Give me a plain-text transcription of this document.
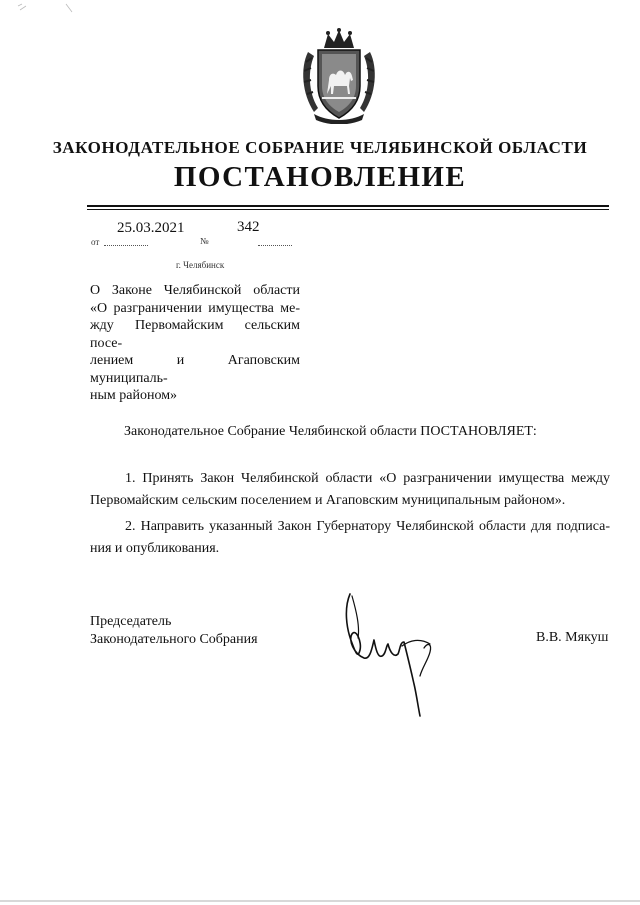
ЗАКОНОДАТЕЛЬНОЕ СОБРАНИЕ ЧЕЛЯБИНСКОЙ ОБЛАСТИ
ПОСТАНОВЛЕНИЕ
25.03.2021	342
от	№
г. Челябинск
О Законе Челябинской области
«О разграничении имущества ме-
жду Первомайским сельским посе-
лением и Агаповским муниципаль-
ным районом»
Законодательное Собрание Челябинской области ПОСТАНОВЛЯЕТ:
1. Принять Закон Челябинской области «О разграничении имущества между
Первомайским сельским поселением и Агаповским муниципальным районом».
2. Направить указанный Закон Губернатору Челябинской области для подписа-
ния и опубликования.
Председатель
Законодательного Собрания	В.В. Мякуш
